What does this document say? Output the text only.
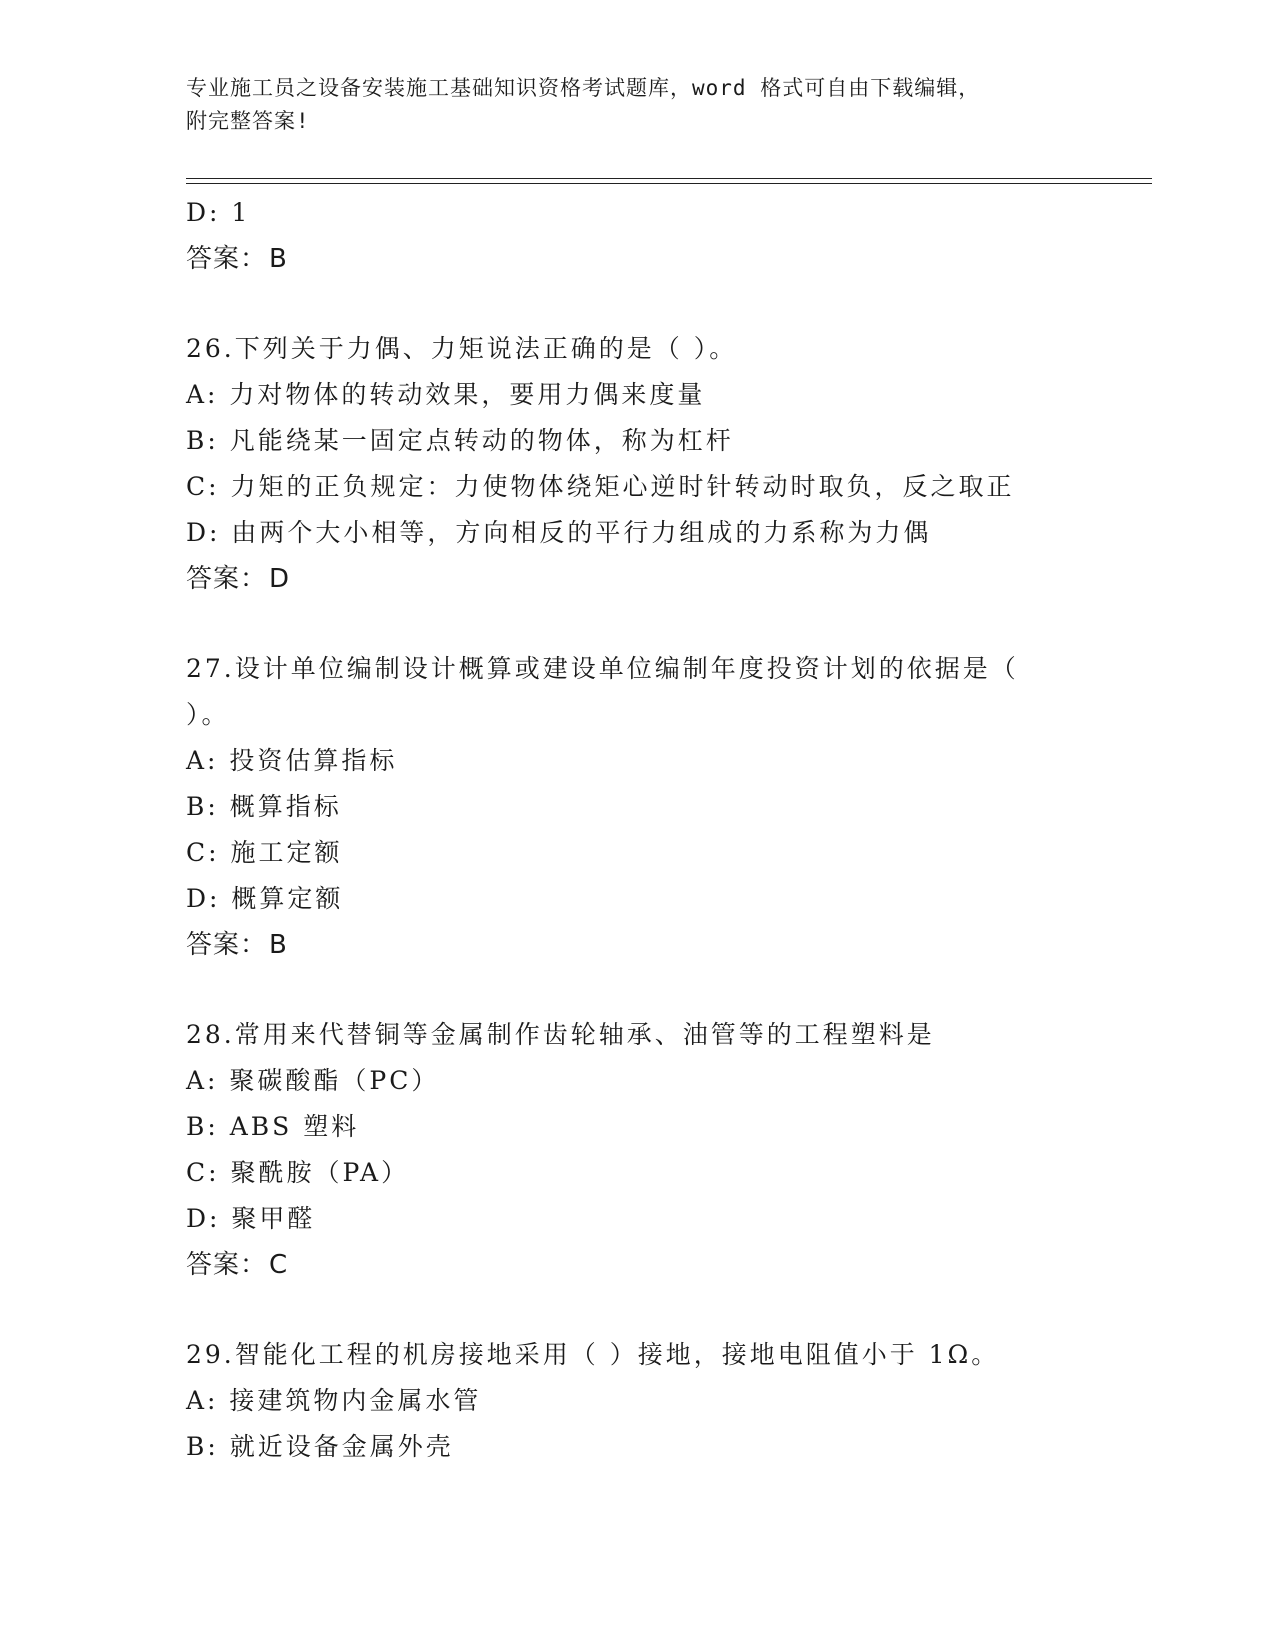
专业施工员之设备安装施工基础知识资格考试题库，word 格式可自由下载编辑，
附完整答案!
D: 1
答案：B
26.下列关于力偶、力矩说法正确的是（ ）。
A: 力对物体的转动效果，要用力偶来度量
B: 凡能绕某一固定点转动的物体，称为杠杆
C: 力矩的正负规定：力使物体绕矩心逆时针转动时取负，反之取正
D: 由两个大小相等，方向相反的平行力组成的力系称为力偶
答案：D
27.设计单位编制设计概算或建设单位编制年度投资计划的依据是（
）。
A: 投资估算指标
B: 概算指标
C: 施工定额
D: 概算定额
答案：B
28.常用来代替铜等金属制作齿轮轴承、油管等的工程塑料是
A: 聚碳酸酯（PC）
B: ABS 塑料
C: 聚酰胺（PA）
D: 聚甲醛
答案：C
29.智能化工程的机房接地采用（ ）接地，接地电阻值小于 1Ω。
A: 接建筑物内金属水管
B: 就近设备金属外壳
